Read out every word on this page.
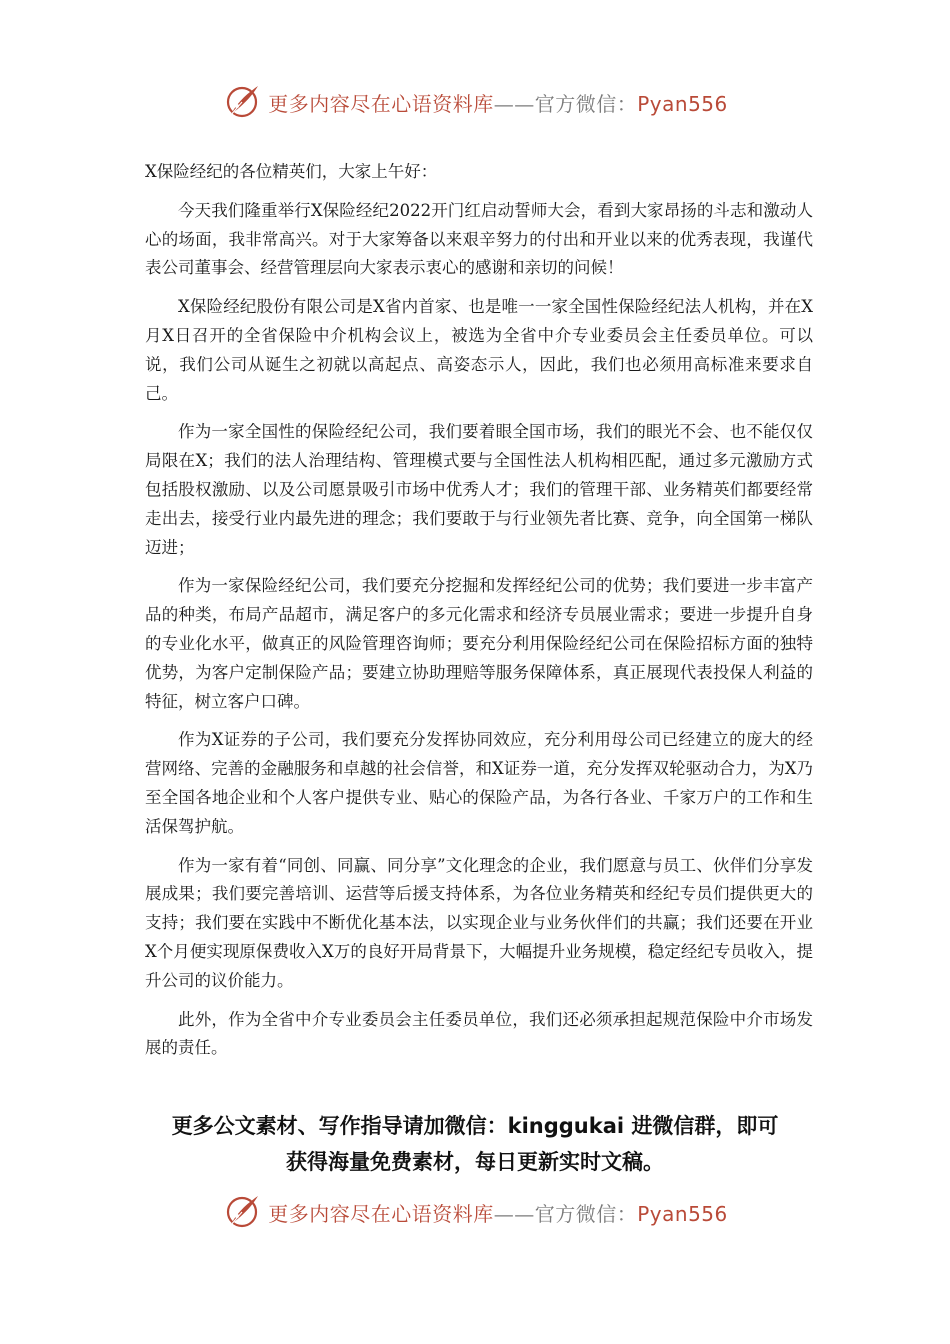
更多内容尽在心语资料库——官方微信：Pyan556

X保险经纪的各位精英们，大家上午好：

今天我们隆重举行X保险经纪2022开门红启动誓师大会，看到大家昂扬的斗志和激动人心的场面，我非常高兴。对于大家筹备以来艰辛努力的付出和开业以来的优秀表现，我谨代表公司董事会、经营管理层向大家表示衷心的感谢和亲切的问候！

X保险经纪股份有限公司是X省内首家、也是唯一一家全国性保险经纪法人机构，并在X月X日召开的全省保险中介机构会议上，被选为全省中介专业委员会主任委员单位。可以说，我们公司从诞生之初就以高起点、高姿态示人，因此，我们也必须用高标准来要求自己。

作为一家全国性的保险经纪公司，我们要着眼全国市场，我们的眼光不会、也不能仅仅局限在X；我们的法人治理结构、管理模式要与全国性法人机构相匹配，通过多元激励方式包括股权激励、以及公司愿景吸引市场中优秀人才；我们的管理干部、业务精英们都要经常走出去，接受行业内最先进的理念；我们要敢于与行业领先者比赛、竞争，向全国第一梯队迈进；

作为一家保险经纪公司，我们要充分挖掘和发挥经纪公司的优势；我们要进一步丰富产品的种类，布局产品超市，满足客户的多元化需求和经济专员展业需求；要进一步提升自身的专业化水平，做真正的风险管理咨询师；要充分利用保险经纪公司在保险招标方面的独特优势，为客户定制保险产品；要建立协助理赔等服务保障体系，真正展现代表投保人利益的特征，树立客户口碑。

作为X证券的子公司，我们要充分发挥协同效应，充分利用母公司已经建立的庞大的经营网络、完善的金融服务和卓越的社会信誉，和X证券一道，充分发挥双轮驱动合力，为X乃至全国各地企业和个人客户提供专业、贴心的保险产品，为各行各业、千家万户的工作和生活保驾护航。

作为一家有着“同创、同赢、同分享”文化理念的企业，我们愿意与员工、伙伴们分享发展成果；我们要完善培训、运营等后援支持体系，为各位业务精英和经纪专员们提供更大的支持；我们要在实践中不断优化基本法，以实现企业与业务伙伴们的共赢；我们还要在开业X个月便实现原保费收入X万的良好开局背景下，大幅提升业务规模，稳定经纪专员收入，提升公司的议价能力。

此外，作为全省中介专业委员会主任委员单位，我们还必须承担起规范保险中介市场发展的责任。

更多公文素材、写作指导请加微信：kinggukai 进微信群，即可
获得海量免费素材，每日更新实时文稿。
更多内容尽在心语资料库——官方微信：Pyan556
